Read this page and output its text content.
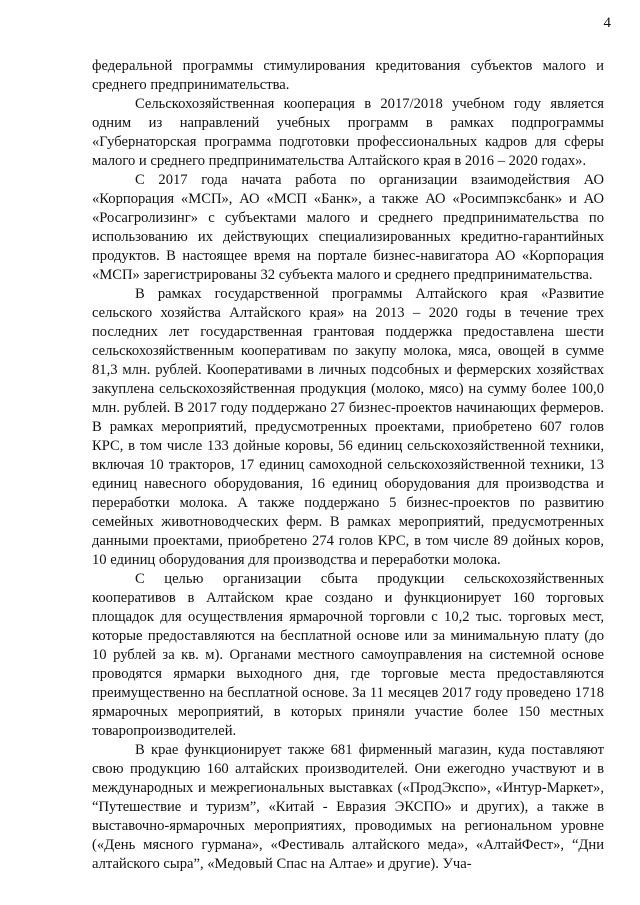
4

федеральной программы стимулирования кредитования субъектов малого и среднего предпринимательства.

Сельскохозяйственная кооперация в 2017/2018 учебном году является одним из направлений учебных программ в рамках подпрограммы «Губернаторская программа подготовки профессиональных кадров для сферы малого и среднего предпринимательства Алтайского края в 2016 – 2020 годах».

С 2017 года начата работа по организации взаимодействия АО «Корпорация «МСП», АО «МСП «Банк», а также АО «Росимпэксбанк» и АО «Росагролизинг» с субъектами малого и среднего предпринимательства по использованию их действующих специализированных кредитно-гарантийных продуктов. В настоящее время на портале бизнес-навигатора АО «Корпорация «МСП» зарегистрированы 32 субъекта малого и среднего предпринимательства.

В рамках государственной программы Алтайского края «Развитие сельского хозяйства Алтайского края» на 2013 – 2020 годы в течение трех последних лет государственная грантовая поддержка предоставлена шести сельскохозяйственным кооперативам по закупу молока, мяса, овощей в сумме 81,3 млн. рублей. Кооперативами в личных подсобных и фермерских хозяйствах закуплена сельскохозяйственная продукция (молоко, мясо) на сумму более 100,0 млн. рублей. В 2017 году поддержано 27 бизнес-проектов начинающих фермеров. В рамках мероприятий, предусмотренных проектами, приобретено 607 голов КРС, в том числе 133 дойные коровы, 56 единиц сельскохозяйственной техники, включая 10 тракторов, 17 единиц самоходной сельскохозяйственной техники, 13 единиц навесного оборудования, 16 единиц оборудования для производства и переработки молока. А также поддержано 5 бизнес-проектов по развитию семейных животноводческих ферм. В рамках мероприятий, предусмотренных данными проектами, приобретено 274 голов КРС, в том числе 89 дойных коров, 10 единиц оборудования для производства и переработки молока.

С целью организации сбыта продукции сельскохозяйственных кооперативов в Алтайском крае создано и функционирует 160 торговых площадок для осуществления ярмарочной торговли с 10,2 тыс. торговых мест, которые предоставляются на бесплатной основе или за минимальную плату (до 10 рублей за кв. м). Органами местного самоуправления на системной основе проводятся ярмарки выходного дня, где торговые места предоставляются преимущественно на бесплатной основе. За 11 месяцев 2017 году проведено 1718 ярмарочных мероприятий, в которых приняли участие более 150 местных товаропроизводителей.

В крае функционирует также 681 фирменный магазин, куда поставляют свою продукцию 160 алтайских производителей. Они ежегодно участвуют и в международных и межрегиональных выставках («ПродЭкспо», «Интур-Маркет», “Путешествие и туризм”, «Китай - Евразия ЭКСПО» и других), а также в выставочно-ярмарочных мероприятиях, проводимых на региональном уровне («День мясного гурмана», «Фестиваль алтайского меда», «АлтайФест», “Дни алтайского сыра”, «Медовый Спас на Алтае» и другие). Уча-
